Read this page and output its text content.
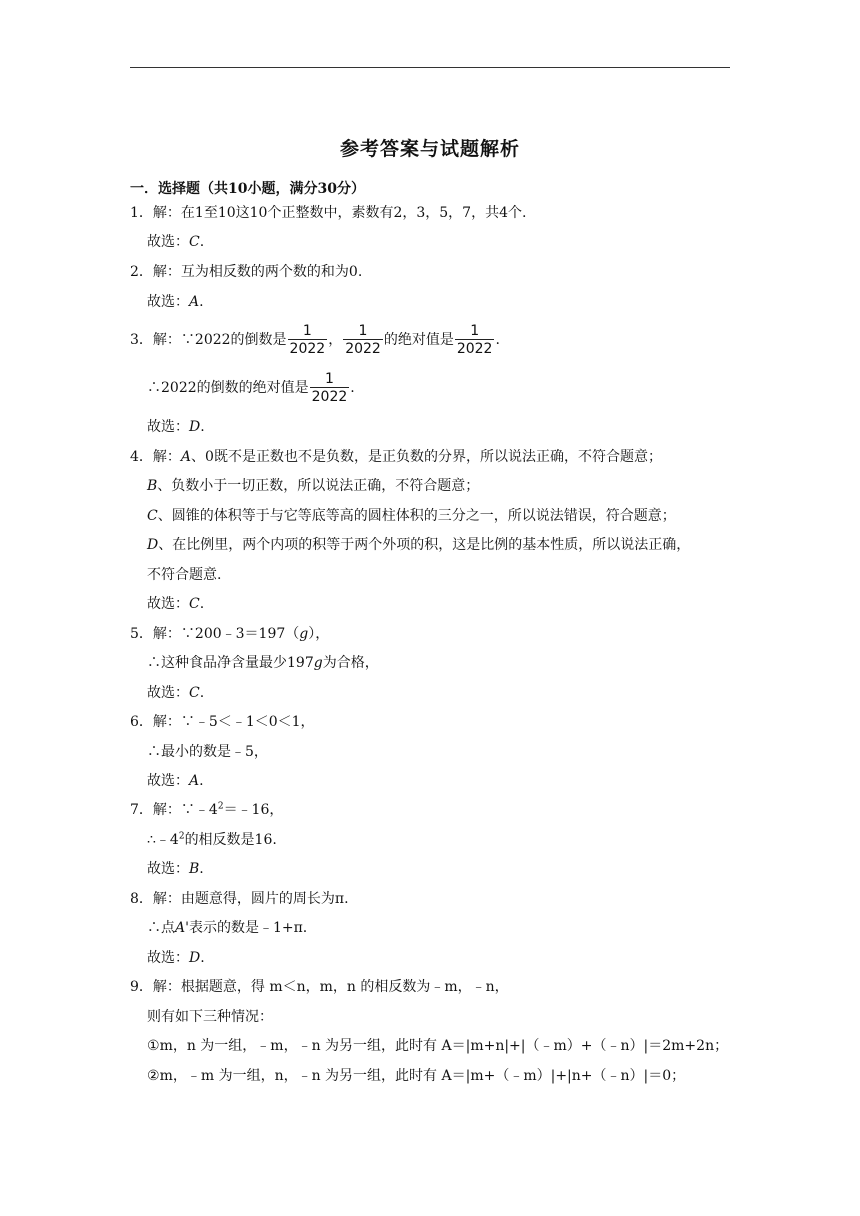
参考答案与试题解析
一．选择题（共10小题，满分30分）
1．解：在1至10这10个正整数中，素数有2，3，5，7，共4个.
故选：C.
2．解：互为相反数的两个数的和为0.
故选：A.
3．解：∵2022的倒数是 $\frac{1}{2022}$ ， $\frac{1}{2022}$ 的绝对值是 $\frac{1}{2022}$ .
∴2022的倒数的绝对值是 $\frac{1}{2022}$ .
故选：D.
4．解：A、0既不是正数也不是负数，是正负数的分界，所以说法正确，不符合题意；
B、负数小于一切正数，所以说法正确，不符合题意；
C、圆锥的体积等于与它等底等高的圆柱体积的三分之一，所以说法错误，符合题意；
D、在比例里，两个内项的积等于两个外项的积，这是比例的基本性质，所以说法正确，
不符合题意.
故选：C.
5．解：∵200﹣3＝197（g），
∴这种食品净含量最少197g为合格，
故选：C.
6．解：∵﹣5＜﹣1＜0＜1，
∴最小的数是﹣5，
故选：A.
7．解：$\because﹣4^2=﹣16$，
$\therefore﹣4^2$的相反数是16.
故选：B.
8．解：由题意得，圆片的周长为π.
∴点A'表示的数是﹣1+π.
故选：D.
9．解：根据题意，得 m＜n，m，n 的相反数为﹣m，﹣n，
则有如下三种情况：
①m，n 为一组，﹣m，﹣n 为另一组，此时有 A＝|m+n|+|（﹣m）+（﹣n）|＝2m+2n；
②m，﹣m 为一组，n，﹣n 为另一组，此时有 A＝|m+（﹣m）|+|n+（﹣n）|＝0；
